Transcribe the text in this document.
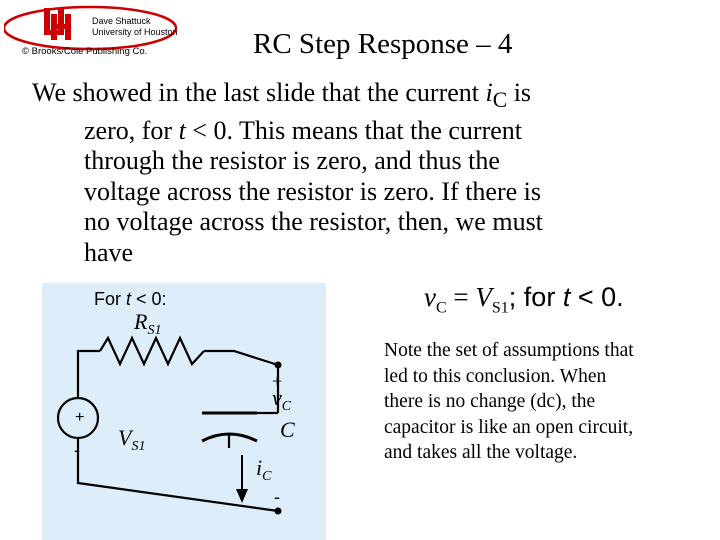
Dave Shattuck
University of Houston
© Brooks/Cole Publishing Co.	RC Step Response – 4
We showed in the last slide that the current $i_C$ is
zero, for t < 0. This means that the current
through the resistor is zero, and thus the
voltage across the resistor is zero. If there is
no voltage across the resistor, then, we must
have
$v_C = V_{S1}$; for t < 0.
For t < 0:
+
- $V_{S1}$
$R_{S1}$
+
$v_C$
C
$i_C$
-
Note the set of assumptions that
led to this conclusion. When
there is no change (dc), the
capacitor is like an open circuit,
and takes all the voltage.
